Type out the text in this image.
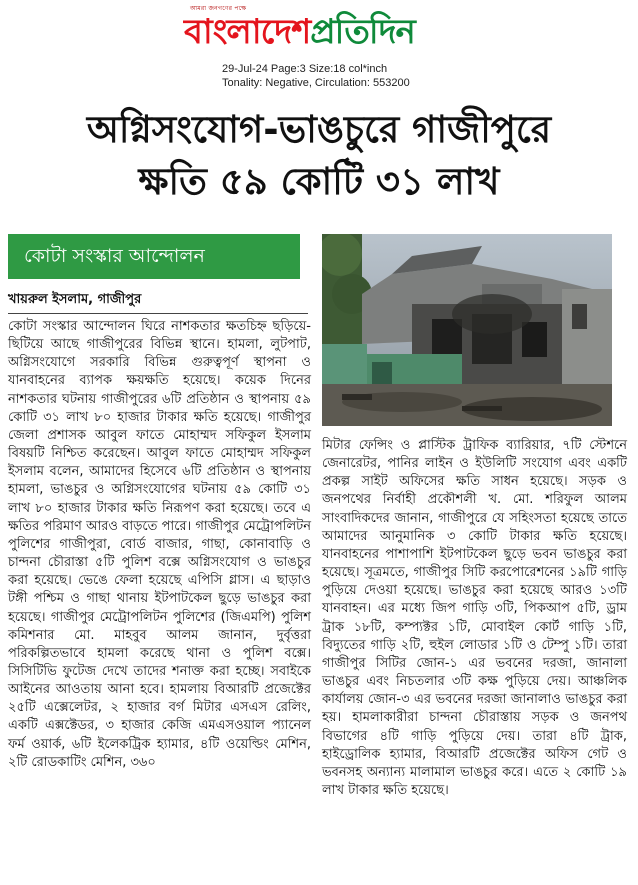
আমরা জনগণের পক্ষে
বাংলাদেশপ্রতিদিন
29-Jul-24 Page:3 Size:18 col*inch
Tonality: Negative, Circulation: 553200
অগ্নিসংযোগ-ভাঙচুরে গাজীপুরে
ক্ষতি ৫৯ কোটি ৩১ লাখ
কোটা সংস্কার আন্দোলন
খায়রুল ইসলাম, গাজীপুর
কোটা সংস্কার আন্দোলন ঘিরে নাশকতার ক্ষতচিহ্ন ছড়িয়ে-ছিটিয়ে আছে গাজীপুরের বিভিন্ন স্থানে। হামলা, লুটপাট, অগ্নিসংযোগে সরকারি বিভিন্ন গুরুত্বপূর্ণ স্থাপনা ও যানবাহনের ব্যাপক ক্ষয়ক্ষতি হয়েছে। কয়েক দিনের নাশকতার ঘটনায় গাজীপুরের ৬টি প্রতিষ্ঠান ও স্থাপনায় ৫৯ কোটি ৩১ লাখ ৮০ হাজার টাকার ক্ষতি হয়েছে। গাজীপুর জেলা প্রশাসক আবুল ফাতে মোহাম্মদ সফিকুল ইসলাম বিষয়টি নিশ্চিত করেছেন। আবুল ফাতে মোহাম্মদ সফিকুল ইসলাম বলেন, আমাদের হিসেবে ৬টি প্রতিষ্ঠান ও স্থাপনায় হামলা, ভাঙচুর ও অগ্নিসংযোগের ঘটনায় ৫৯ কোটি ৩১ লাখ ৮০ হাজার টাকার ক্ষতি নিরূপণ করা হয়েছে। তবে এ ক্ষতির পরিমাণ আরও বাড়তে পারে। গাজীপুর মেট্রোপলিটন পুলিশের গাজীপুরা, বোর্ড বাজার, গাছা, কোনাবাড়ি ও চান্দনা চৌরাস্তা ৫টি পুলিশ বক্সে অগ্নিসংযোগ ও ভাঙচুর করা হয়েছে। ভেঙে ফেলা হয়েছে এপিসি গ্লাস। এ ছাড়াও টঙ্গী পশ্চিম ও গাছা থানায় ইটপাটকেল ছুড়ে ভাঙচুর করা হয়েছে। গাজীপুর মেট্রোপলিটন পুলিশের (জিএমপি) পুলিশ কমিশনার মো. মাহবুব আলম জানান, দুর্বৃত্তরা পরিকল্পিতভাবে হামলা করেছে থানা ও পুলিশ বক্সে। সিসিটিভি ফুটেজ দেখে তাদের শনাক্ত করা হচ্ছে। সবাইকে আইনের আওতায় আনা হবে। হামলায় বিআরটি প্রজেক্টের ২৫টি এক্সেলেটর, ২ হাজার বর্গ মিটার এসএস রেলিং, একটি এক্সক্টেডর, ৩ হাজার কেজি এমএসওয়াল প্যানেল ফর্ম ওয়ার্ক, ৬টি ইলেকট্রিক হ্যামার, ৪টি ওয়েল্ডিং মেশিন, ২টি রোডকাটিং মেশিন, ৩৬০
মিটার ফেন্সিং ও প্লাস্টিক ট্রাফিক ব্যারিয়ার, ৭টি স্টেশনে জেনারেটর, পানির লাইন ও ইউলিটি সংযোগ এবং একটি প্রকল্প সাইট অফিসের ক্ষতি সাধন হয়েছে। সড়ক ও জনপথের নির্বাহী প্রকৌশলী খ. মো. শরিফুল আলম সাংবাদিকদের জানান, গাজীপুরে যে সহিংসতা হয়েছে তাতে আমাদের আনুমানিক ৩ কোটি টাকার ক্ষতি হয়েছে। যানবাহনের পাশাপাশি ইটপাটকেল ছুড়ে ভবন ভাঙচুর করা হয়েছে। সূত্রমতে, গাজীপুর সিটি করপোরেশনের ১৯টি গাড়ি পুড়িয়ে দেওয়া হয়েছে। ভাঙচুর করা হয়েছে আরও ১৩টি যানবাহন। এর মধ্যে জিপ গাড়ি ৩টি, পিকআপ ৫টি, ড্রাম ট্রাক ১৮টি, কম্প্যক্টর ১টি, মোবাইল কোর্ট গাড়ি ১টি, বিদ্যুতের গাড়ি ২টি, হুইল লোডার ১টি ও টেম্পু ১টি। তারা গাজীপুর সিটির জোন-১ এর ভবনের দরজা, জানালা ভাঙচুর এবং নিচতলার ৩টি কক্ষ পুড়িয়ে দেয়। আঞ্চলিক কার্যালয় জোন-৩ এর ভবনের দরজা জানালাও ভাঙচুর করা হয়। হামলাকারীরা চান্দনা চৌরাস্তায় সড়ক ও জনপথ বিভাগের ৪টি গাড়ি পুড়িয়ে দেয়। তারা ৪টি ট্রাক, হাইড্রোলিক হ্যামার, বিআরটি প্রজেক্টের অফিস গেট ও ভবনসহ অন্যান্য মালামাল ভাঙচুর করে। এতে ২ কোটি ১৯ লাখ টাকার ক্ষতি হয়েছে।
